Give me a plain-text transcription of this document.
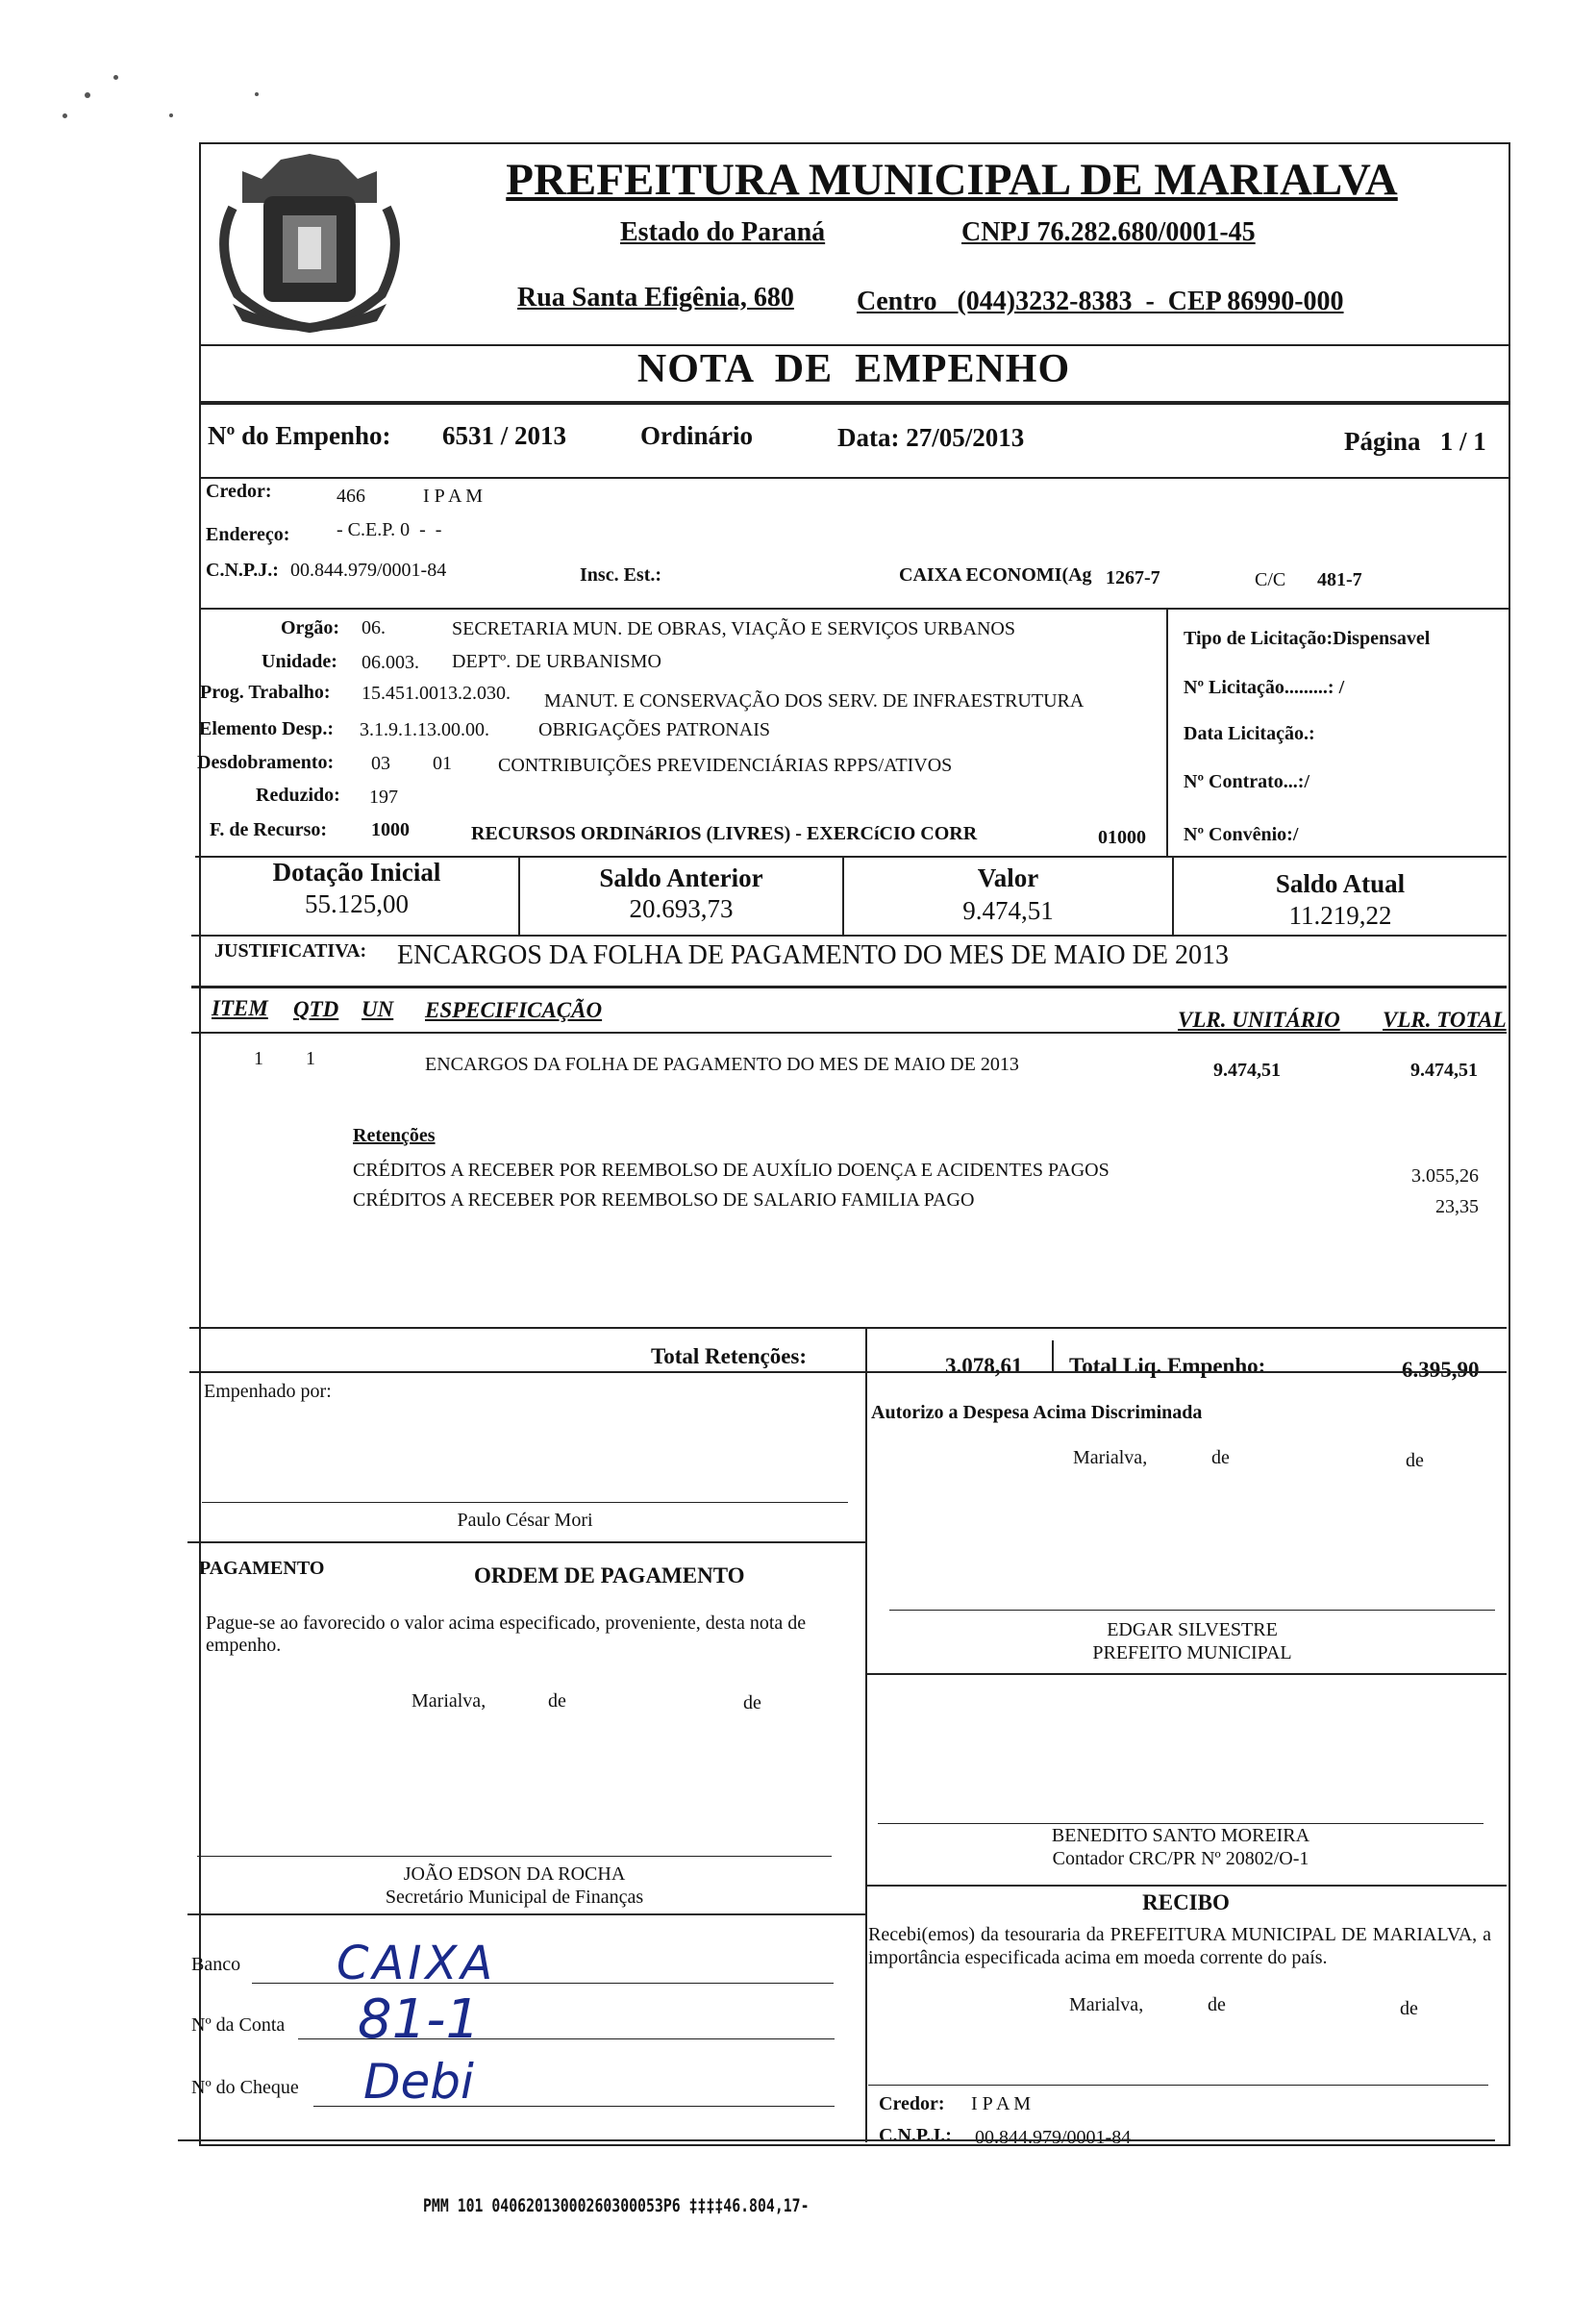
PREFEITURA MUNICIPAL DE MARIALVA
Estado do Paraná	CNPJ 76.282.680/0001-45
Rua Santa Efigênia, 680 Centro   (044)3232-8383  -  CEP 86990-000
NOTA  DE  EMPENHO
Nº do Empenho: 6531 / 2013	Ordinário	Data: 27/05/2013	Página   1 / 1
Credor:	466	I P A M
Endereço: - C.E.P. 0  -  -
C.N.P.J.: 00.844.979/0001-84	Insc. Est.:	CAIXA ECONOMI(Ag 1267-7	C/C 481-7
Orgão: 06.	SECRETARIA MUN. DE OBRAS, VIAÇÃO E SERVIÇOS URBANOS
Unidade: 06.003. DEPTº. DE URBANISMO
Prog. Trabalho: 15.451.0013.2.030. MANUT. E CONSERVAÇÃO DOS SERV. DE INFRAESTRUTURA
Elemento Desp.: 3.1.9.1.13.00.00.	OBRIGAÇÕES PATRONAIS
Desdobramento: 03 01 CONTRIBUIÇÕES PREVIDENCIÁRIAS RPPS/ATIVOS
Reduzido: 197
F. de Recurso: 1000	RECURSOS ORDINáRIOS (LIVRES) - EXERCíCIO CORR	01000
Tipo de Licitação:Dispensavel
Nº Licitação.........: /
Data Licitação.:
Nº Contrato...:/
Nº Convênio:/
Dotação Inicial
55.125,00
Saldo Anterior
20.693,73
Valor
9.474,51
Saldo Atual
11.219,22
JUSTIFICATIVA: ENCARGOS DA FOLHA DE PAGAMENTO DO MES DE MAIO DE 2013
ITEM QTD UN ESPECIFICAÇÃO	VLR. UNITÁRIO VLR. TOTAL
1 1	ENCARGOS DA FOLHA DE PAGAMENTO DO MES DE MAIO DE 2013	9.474,51	9.474,51
Retenções
CRÉDITOS A RECEBER POR REEMBOLSO DE AUXÍLIO DOENÇA E ACIDENTES PAGOS	3.055,26
CRÉDITOS A RECEBER POR REEMBOLSO DE SALARIO FAMILIA PAGO	23,35
Total Retenções:	3.078,61 Total Liq. Empenho:	6.395,90
Empenhado por:
Paulo César Mori
Autorizo a Despesa Acima Discriminada
Marialva,	de	de
EDGAR SILVESTRE
PREFEITO MUNICIPAL
PAGAMENTO	ORDEM DE PAGAMENTO
Pague-se ao favorecido o valor acima especificado, proveniente, desta nota de empenho.
Marialva,	de	de
JOÃO EDSON DA ROCHA
Secretário Municipal de Finanças
BENEDITO SANTO MOREIRA
Contador CRC/PR Nº 20802/O-1
RECIBO
Recebi(emos) da tesouraria da PREFEITURA MUNICIPAL DE MARIALVA, a importância especificada acima em moeda corrente do país.
Marialva,	de	de
Credor: I P A M
C.N.P.J.: 00.844.979/0001-84
Banco CAIXA
Nº da Conta 81-1
Nº do Cheque Debi
PMM 101 04062013000260300053P6 ‡‡‡‡46.804,17-
